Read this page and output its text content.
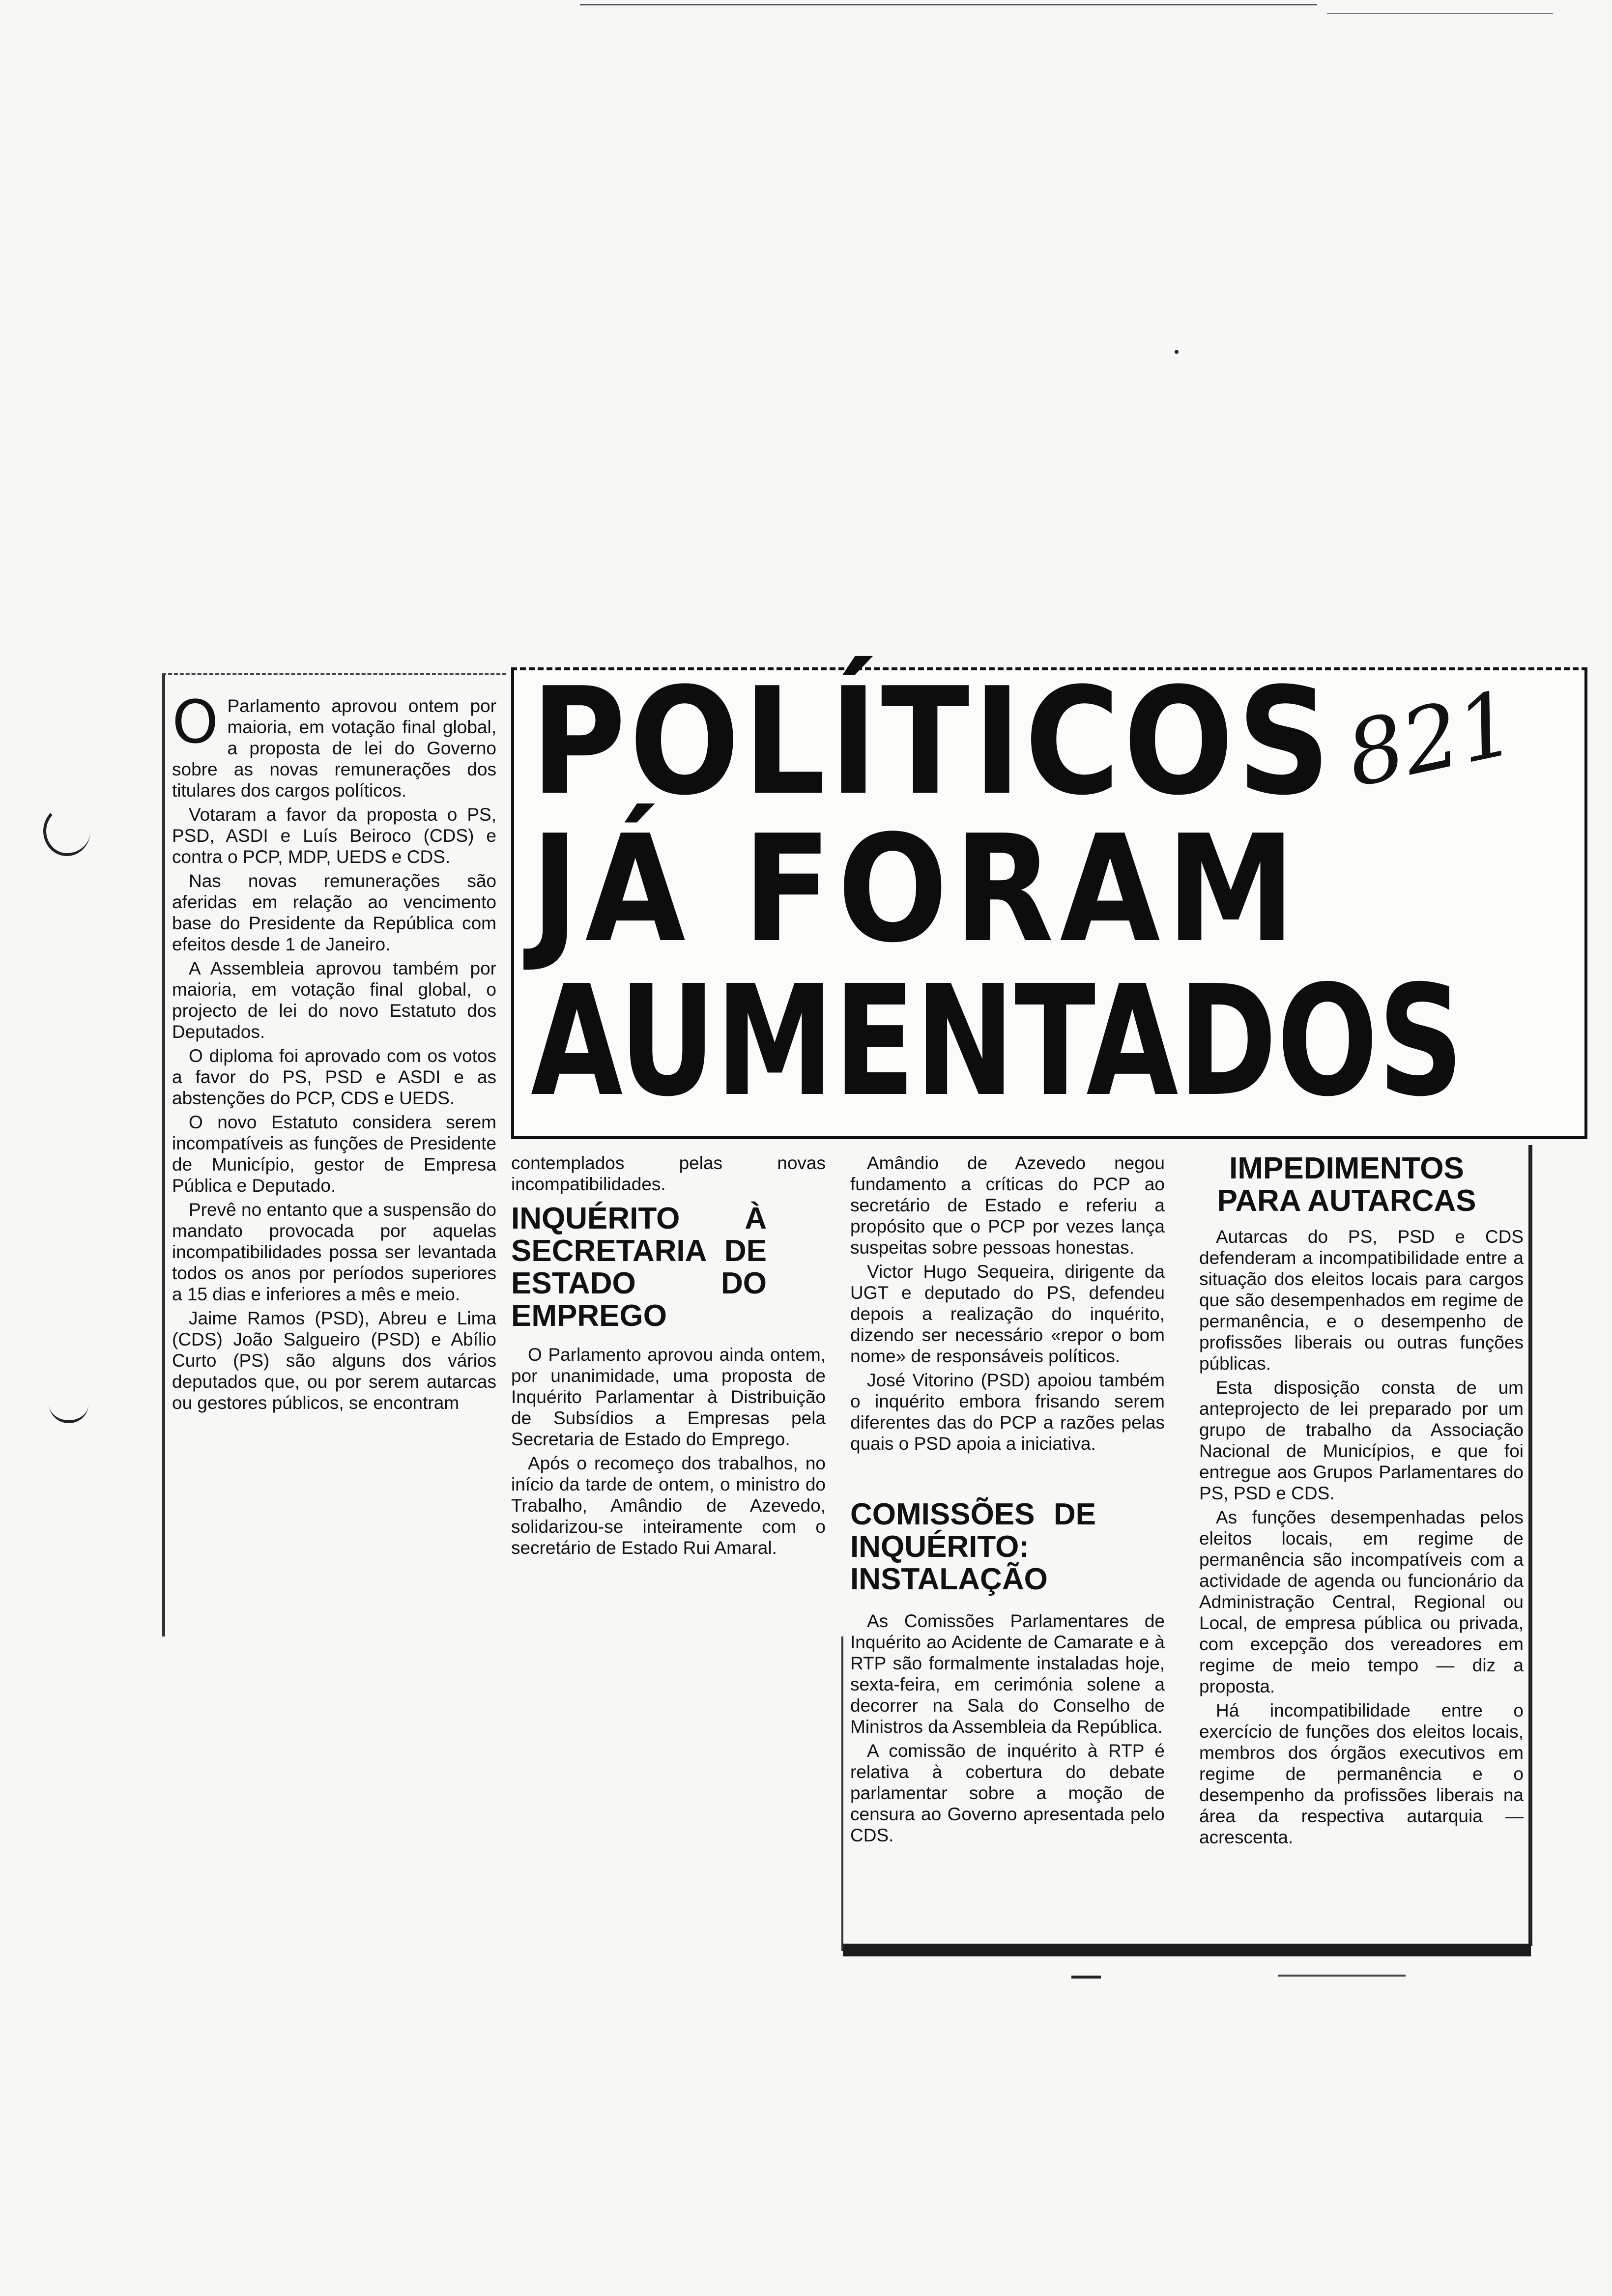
POLÍTICOS
JÁ FORAM
AUMENTADOS
821

O Parlamento aprovou ontem por maioria, em votação final global, a proposta de lei do Governo sobre as novas remunerações dos titulares dos cargos políticos.

Votaram a favor da proposta o PS, PSD, ASDI e Luís Beiroco (CDS) e contra o PCP, MDP, UEDS e CDS.

Nas novas remunerações são aferidas em relação ao vencimento base do Presidente da República com efeitos desde 1 de Janeiro.

A Assembleia aprovou também por maioria, em votação final global, o projecto de lei do novo Estatuto dos Deputados.

O diploma foi aprovado com os votos a favor do PS, PSD e ASDI e as abstenções do PCP, CDS e UEDS.

O novo Estatuto considera serem incompatíveis as funções de Presidente de Município, gestor de Empresa Pública e Deputado.

Prevê no entanto que a suspensão do mandato provocada por aquelas incompatibilidades possa ser levantada todos os anos por períodos superiores a 15 dias e inferiores a mês e meio.

Jaime Ramos (PSD), Abreu e Lima (CDS) João Salgueiro (PSD) e Abílio Curto (PS) são alguns dos vários deputados que, ou por serem autarcas ou gestores públicos, se encontram

contemplados pelas novas incompatibilidades.

INQUÉRITO À SECRETARIA DE ESTADO DO EMPREGO

O Parlamento aprovou ainda ontem, por unanimidade, uma proposta de Inquérito Parlamentar à Distribuição de Subsídios a Empresas pela Secretaria de Estado do Emprego.

Após o recomeço dos trabalhos, no início da tarde de ontem, o ministro do Trabalho, Amândio de Azevedo, solidarizou-se inteiramente com o secretário de Estado Rui Amaral.

Amândio de Azevedo negou fundamento a críticas do PCP ao secretário de Estado e referiu a propósito que o PCP por vezes lança suspeitas sobre pessoas honestas.

Victor Hugo Sequeira, dirigente da UGT e deputado do PS, defendeu depois a realização do inquérito, dizendo ser necessário «repor o bom nome» de responsáveis políticos.

José Vitorino (PSD) apoiou também o inquérito embora frisando serem diferentes das do PCP a razões pelas quais o PSD apoia a iniciativa.

COMISSÕES DE INQUÉRITO: INSTALAÇÃO

As Comissões Parlamentares de Inquérito ao Acidente de Camarate e à RTP são formalmente instaladas hoje, sexta-feira, em cerimónia solene a decorrer na Sala do Conselho de Ministros da Assembleia da República.

A comissão de inquérito à RTP é relativa à cobertura do debate parlamentar sobre a moção de censura ao Governo apresentada pelo CDS.

IMPEDIMENTOS PARA AUTARCAS

Autarcas do PS, PSD e CDS defenderam a incompatibilidade entre a situação dos eleitos locais para cargos que são desempenhados em regime de permanência, e o desempenho de profissões liberais ou outras funções públicas.

Esta disposição consta de um anteprojecto de lei preparado por um grupo de trabalho da Associação Nacional de Municípios, e que foi entregue aos Grupos Parlamentares do PS, PSD e CDS.

As funções desempenhadas pelos eleitos locais, em regime de permanência são incompatíveis com a actividade de agenda ou funcionário da Administração Central, Regional ou Local, de empresa pública ou privada, com excepção dos vereadores em regime de meio tempo — diz a proposta.

Há incompatibilidade entre o exercício de funções dos eleitos locais, membros dos órgãos executivos em regime de permanência e o desempenho da profissões liberais na área da respectiva autarquia — acrescenta.
